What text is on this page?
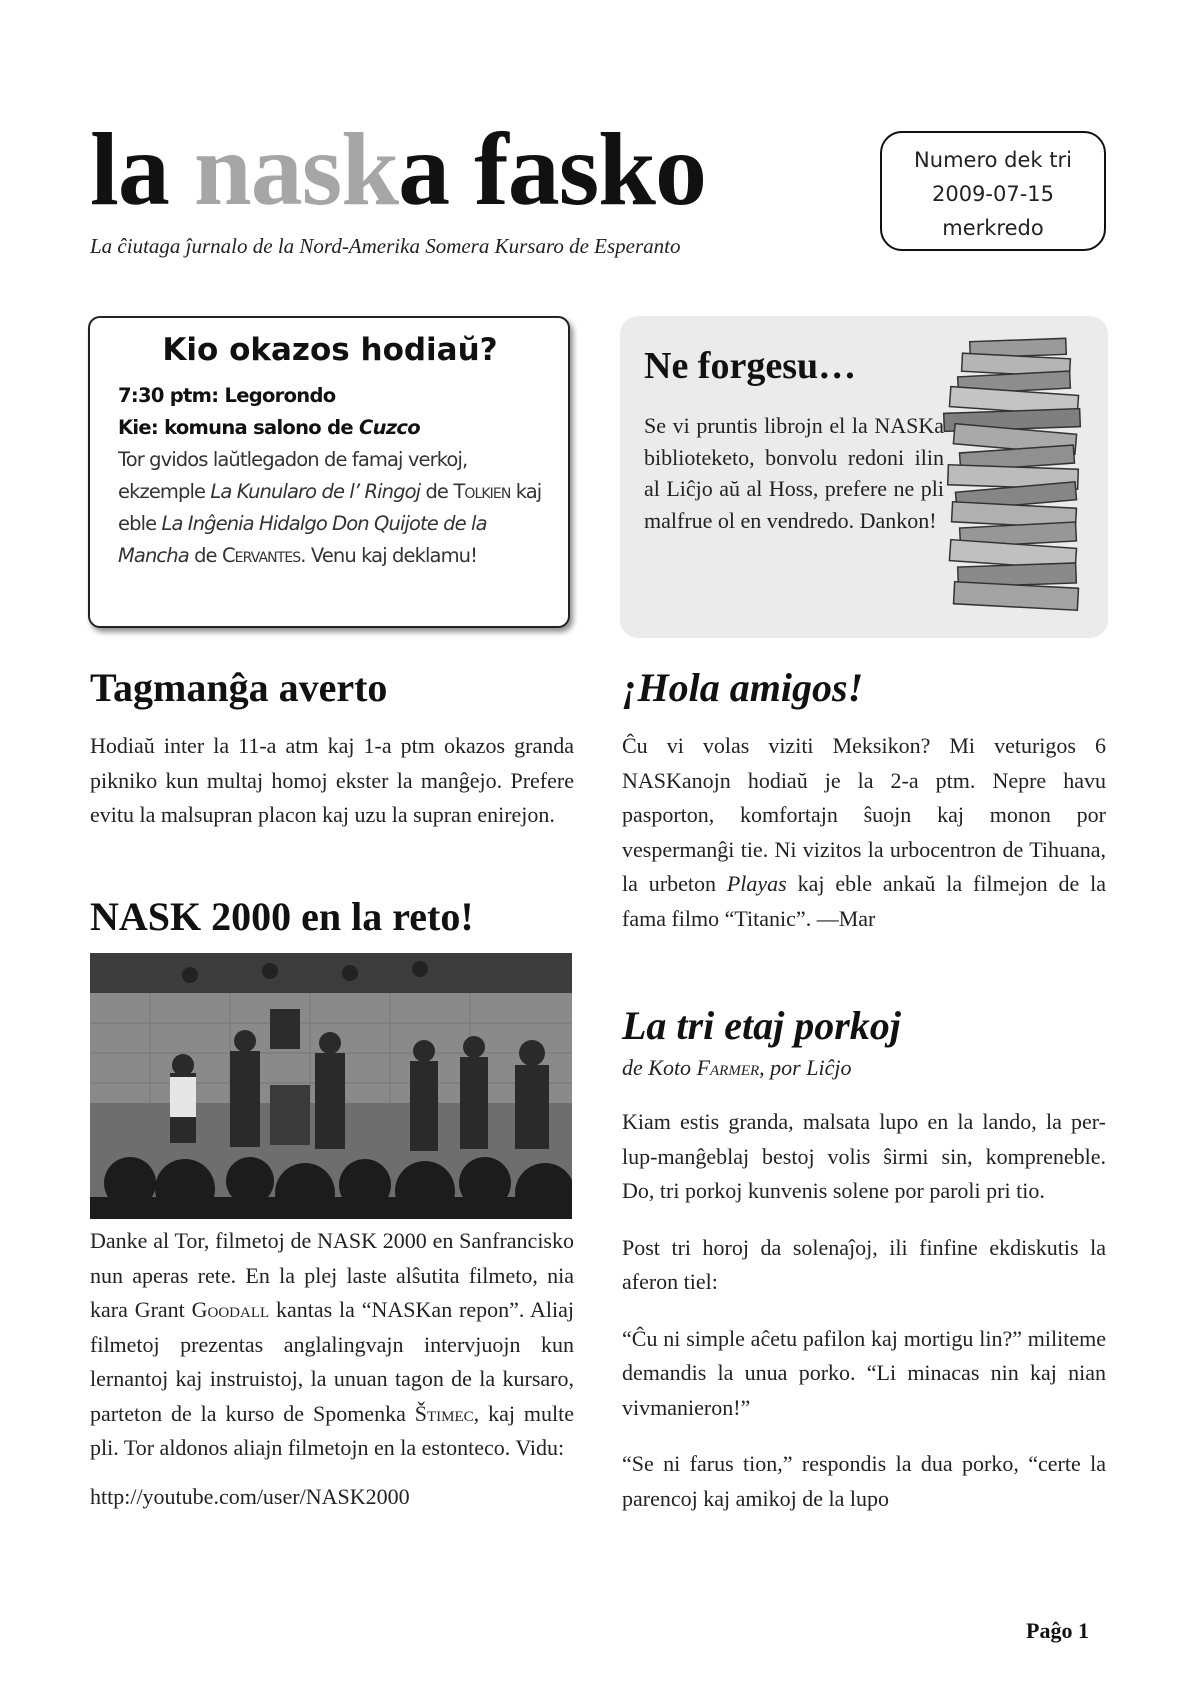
la naska fasko
La ĉiutaga ĵurnalo de la Nord-Amerika Somera Kursaro de Esperanto
Numero dek tri
2009-07-15
merkredo
Kio okazos hodiaŭ?
7:30 ptm: Legorondo
Kie: komuna salono de Cuzco
Tor gvidos laŭtlegadon de famaj verkoj, ekzemple La Kunularo de l’ Ringoj de Tolkien kaj eble La Inĝenia Hidalgo Don Quijote de la Mancha de Cervantes. Venu kaj deklamu!
Ne forgesu…

Se vi pruntis librojn el la NASKa biblioteketo, bonvolu redoni ilin al Liĉjo aŭ al Hoss, prefere ne pli malfrue ol en vendredo. Dankon!

Tagmanĝa averto

Hodiaŭ inter la 11-a atm kaj 1-a ptm okazos granda pikniko kun multaj homoj ekster la manĝejo. Prefere evitu la malsupran placon kaj uzu la supran enirejon.

NASK 2000 en la reto!

Danke al Tor, filmetoj de NASK 2000 en Sanfrancisko nun aperas rete. En la plej laste alŝutita filmeto, nia kara Grant Goodall kantas la “NASKan repon”. Aliaj filmetoj prezentas anglalingvajn intervjuojn kun lernantoj kaj instruistoj, la unuan tagon de la kursaro, parteton de la kurso de Spomenka Štimec, kaj multe pli. Tor aldonos aliajn filmetojn en la estonteco. Vidu:

http://youtube.com/user/NASK2000

¡Hola amigos!

Ĉu vi volas viziti Meksikon? Mi veturigos 6 NASKanojn hodiaŭ je la 2-a ptm. Nepre havu pasporton, komfortajn ŝuojn kaj monon por vespermanĝi tie. Ni vizitos la urbocentron de Tihuana, la urbeton Playas kaj eble ankaŭ la filmejon de la fama filmo “Titanic”. —Mar

La tri etaj porkoj
de Koto Farmer, por Liĉjo

Kiam estis granda, malsata lupo en la lando, la per-lup-manĝeblaj bestoj volis ŝirmi sin, kompreneble. Do, tri porkoj kunvenis solene por paroli pri tio.

Post tri horoj da solenaĵoj, ili finfine ekdiskutis la aferon tiel:

“Ĉu ni simple aĉetu pafilon kaj mortigu lin?” militeme demandis la unua porko. “Li minacas nin kaj nian vivmanieron!”

“Se ni farus tion,” respondis la dua porko, “certe la parencoj kaj amikoj de la lupo

Paĝo 1
